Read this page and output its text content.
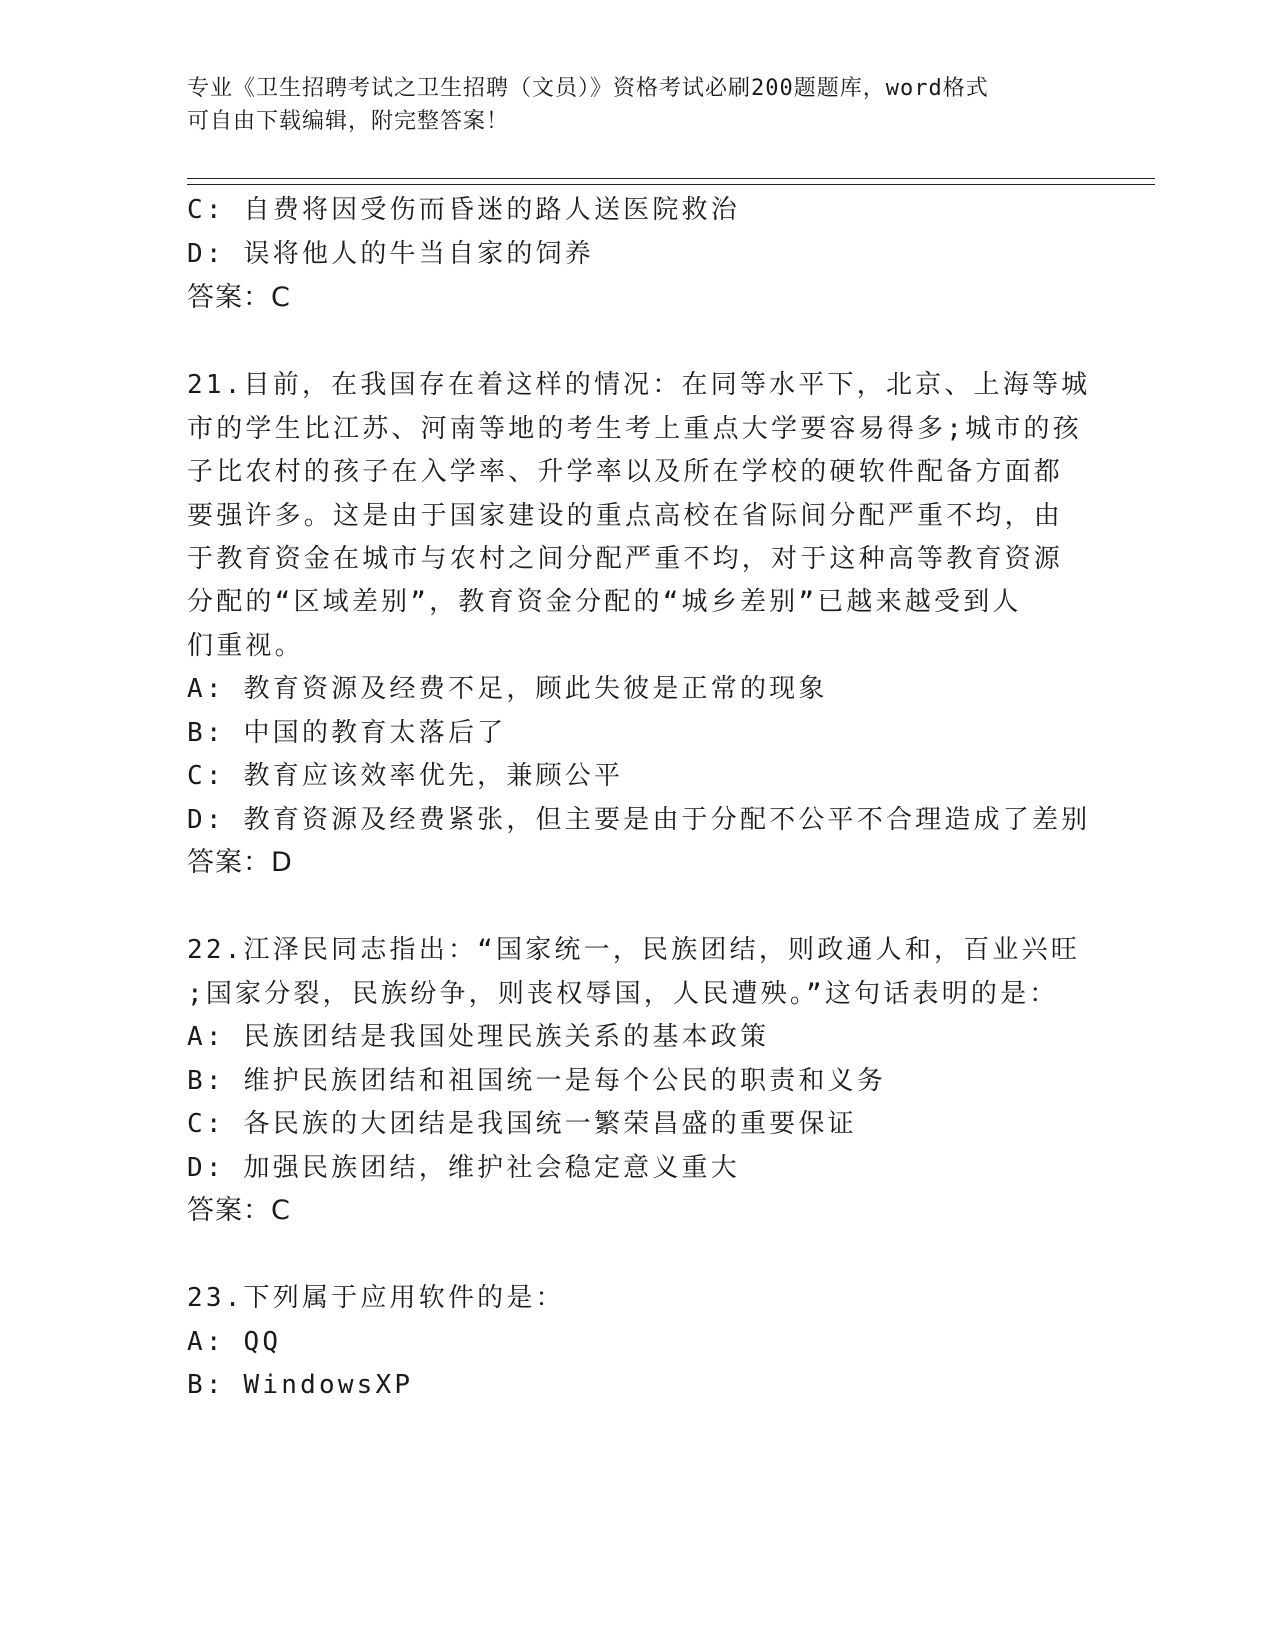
专业《卫生招聘考试之卫生招聘（文员）》资格考试必刷200题题库，word格式
可自由下载编辑，附完整答案！
C: 自费将因受伤而昏迷的路人送医院救治
D: 误将他人的牛当自家的饲养
答案：C
21.目前，在我国存在着这样的情况：在同等水平下，北京、上海等城
市的学生比江苏、河南等地的考生考上重点大学要容易得多;城市的孩
子比农村的孩子在入学率、升学率以及所在学校的硬软件配备方面都
要强许多。这是由于国家建设的重点高校在省际间分配严重不均，由
于教育资金在城市与农村之间分配严重不均，对于这种高等教育资源
分配的“区域差别”，教育资金分配的“城乡差别”已越来越受到人
们重视。
A: 教育资源及经费不足，顾此失彼是正常的现象
B: 中国的教育太落后了
C: 教育应该效率优先，兼顾公平
D: 教育资源及经费紧张，但主要是由于分配不公平不合理造成了差别
答案：D
22.江泽民同志指出：“国家统一，民族团结，则政通人和，百业兴旺
;国家分裂，民族纷争，则丧权辱国，人民遭殃。”这句话表明的是：
A: 民族团结是我国处理民族关系的基本政策
B: 维护民族团结和祖国统一是每个公民的职责和义务
C: 各民族的大团结是我国统一繁荣昌盛的重要保证
D: 加强民族团结，维护社会稳定意义重大
答案：C
23.下列属于应用软件的是：
A: QQ
B: WindowsXP
